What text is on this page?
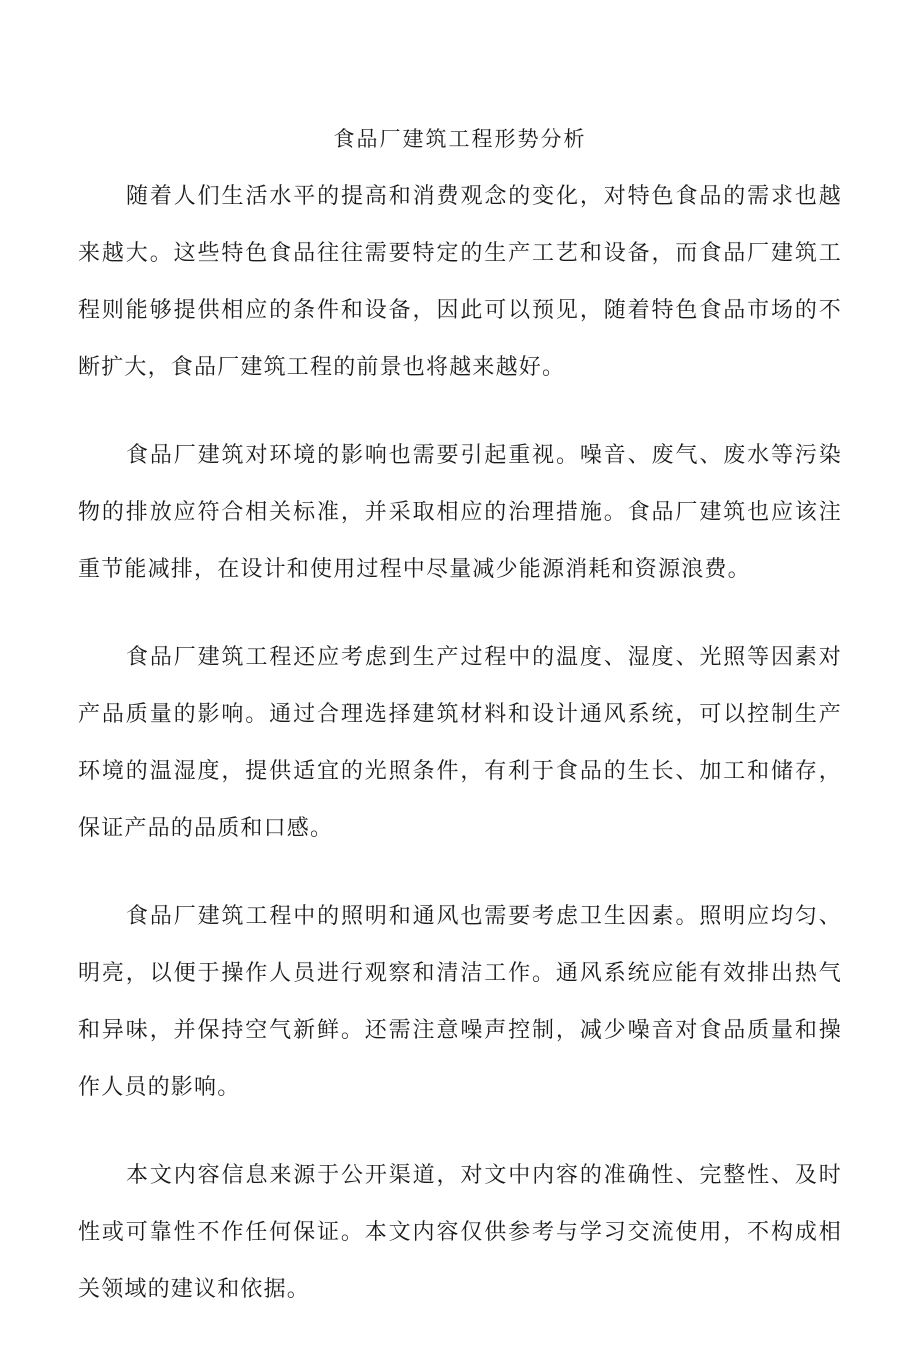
食品厂建筑工程形势分析

随着人们生活水平的提高和消费观念的变化，对特色食品的需求也越来越大。这些特色食品往往需要特定的生产工艺和设备，而食品厂建筑工程则能够提供相应的条件和设备，因此可以预见，随着特色食品市场的不断扩大，食品厂建筑工程的前景也将越来越好。

食品厂建筑对环境的影响也需要引起重视。噪音、废气、废水等污染物的排放应符合相关标准，并采取相应的治理措施。食品厂建筑也应该注重节能减排，在设计和使用过程中尽量减少能源消耗和资源浪费。

食品厂建筑工程还应考虑到生产过程中的温度、湿度、光照等因素对产品质量的影响。通过合理选择建筑材料和设计通风系统，可以控制生产环境的温湿度，提供适宜的光照条件，有利于食品的生长、加工和储存，保证产品的品质和口感。

食品厂建筑工程中的照明和通风也需要考虑卫生因素。照明应均匀、明亮，以便于操作人员进行观察和清洁工作。通风系统应能有效排出热气和异味，并保持空气新鲜。还需注意噪声控制，减少噪音对食品质量和操作人员的影响。

本文内容信息来源于公开渠道，对文中内容的准确性、完整性、及时性或可靠性不作任何保证。本文内容仅供参考与学习交流使用，不构成相关领域的建议和依据。
